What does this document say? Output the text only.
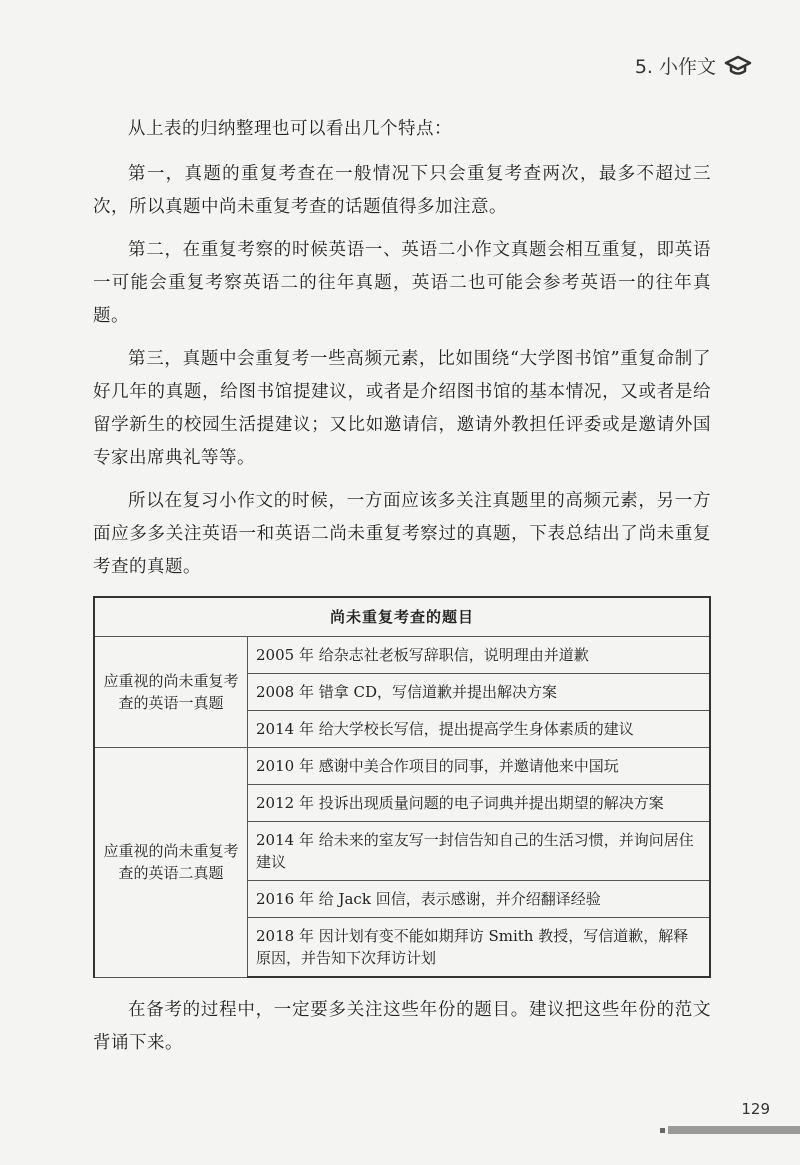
5. 小作文

从上表的归纳整理也可以看出几个特点：

第一，真题的重复考查在一般情况下只会重复考查两次，最多不超过三次，所以真题中尚未重复考查的话题值得多加注意。

第二，在重复考察的时候英语一、英语二小作文真题会相互重复，即英语一可能会重复考察英语二的往年真题，英语二也可能会参考英语一的往年真题。

第三，真题中会重复考一些高频元素，比如围绕“大学图书馆”重复命制了好几年的真题，给图书馆提建议，或者是介绍图书馆的基本情况，又或者是给留学新生的校园生活提建议；又比如邀请信，邀请外教担任评委或是邀请外国专家出席典礼等等。

所以在复习小作文的时候，一方面应该多关注真题里的高频元素，另一方面应多多关注英语一和英语二尚未重复考察过的真题，下表总结出了尚未重复考查的真题。

尚未重复考查的题目	
应重视的尚未重复考查的英语一真题	2005 年 给杂志社老板写辞职信，说明理由并道歉
	2008 年 错拿 CD，写信道歉并提出解决方案
	2014 年 给大学校长写信，提出提高学生身体素质的建议
应重视的尚未重复考查的英语二真题	2010 年 感谢中美合作项目的同事，并邀请他来中国玩
	2012 年 投诉出现质量问题的电子词典并提出期望的解决方案
	2014 年 给未来的室友写一封信告知自己的生活习惯，并询问居住建议
	2016 年 给 Jack 回信，表示感谢，并介绍翻译经验
	2018 年 因计划有变不能如期拜访 Smith 教授，写信道歉，解释原因，并告知下次拜访计划

在备考的过程中，一定要多关注这些年份的题目。建议把这些年份的范文背诵下来。

129
